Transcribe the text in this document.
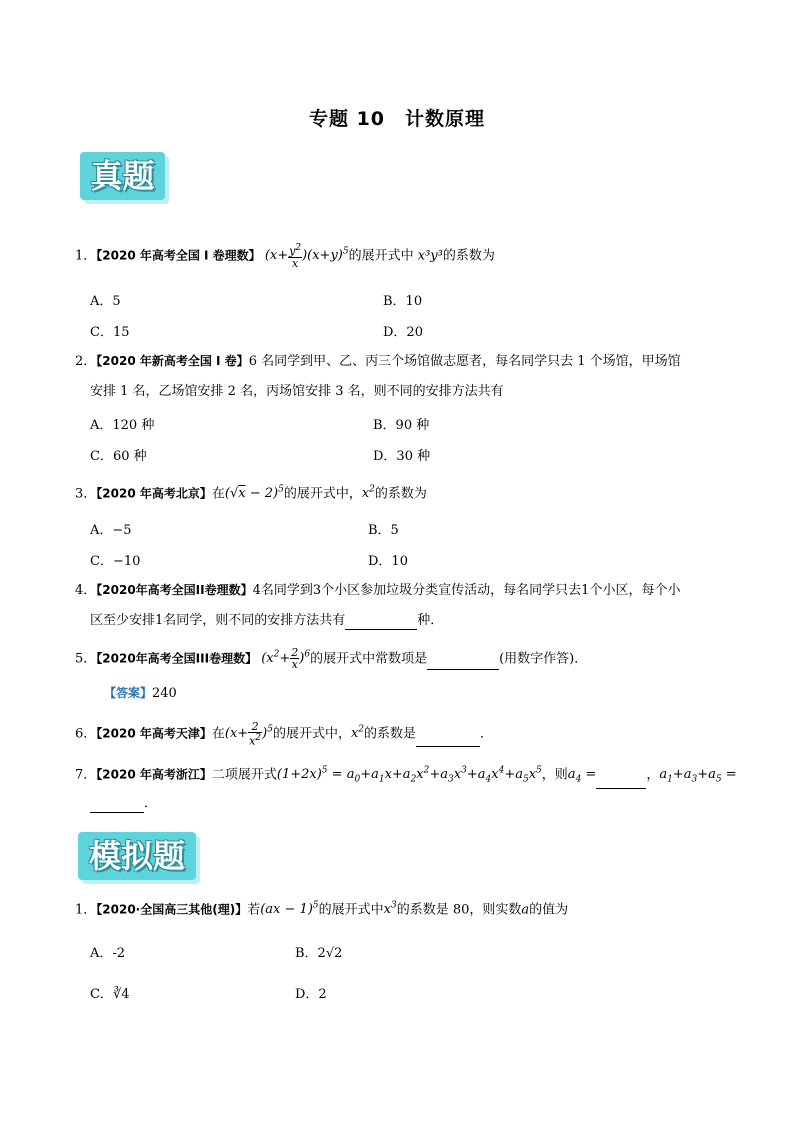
专题 10　计数原理
真题
1．【2020 年高考全国 I 卷理数】 $(x+ \frac{y^2}{x} )(x+y)^5$的展开式中 x³y³的系数为
A．5	B．10
C．15	D．20
2．【2020 年新高考全国 I 卷】6 名同学到甲、乙、丙三个场馆做志愿者，每名同学只去 1 个场馆，甲场馆
安排 1 名，乙场馆安排 2 名，丙场馆安排 3 名，则不同的安排方法共有
A．120 种	B．90 种
C．60 种	D．30 种
3．【2020 年高考北京】在$(√x - 2)^5$的展开式中，$x^2$的系数为
A．−5	B．5
C．−10	D．10
4．【2020年高考全国II卷理数】4名同学到3个小区参加垃圾分类宣传活动，每名同学只去1个小区，每个小
区至少安排1名同学，则不同的安排方法共有	种．
5．【2020年高考全国III卷理数】 $(x^2+ \frac{2}{x} )^6$的展开式中常数项是	(用数字作答)．
【答案】240
6．【2020 年高考天津】在$(x+ \frac{2}{x^2} )^5$的展开式中，$x^2$的系数是	．
7．【2020 年高考浙江】二项展开式$(1+2x)^5 = a_0+a_1x+a_2x^2+a_3x^3+a_4x^4+a_5x^5$，则$a_4$ =	，$a_1+a_3+a_5$ =
．
模拟题
1．【2020·全国高三其他(理)】若(ax − 1)$^5$的展开式中$x^3$的系数是 80，则实数a的值为
A．-2	B．2√2
C．∛4	D．2
